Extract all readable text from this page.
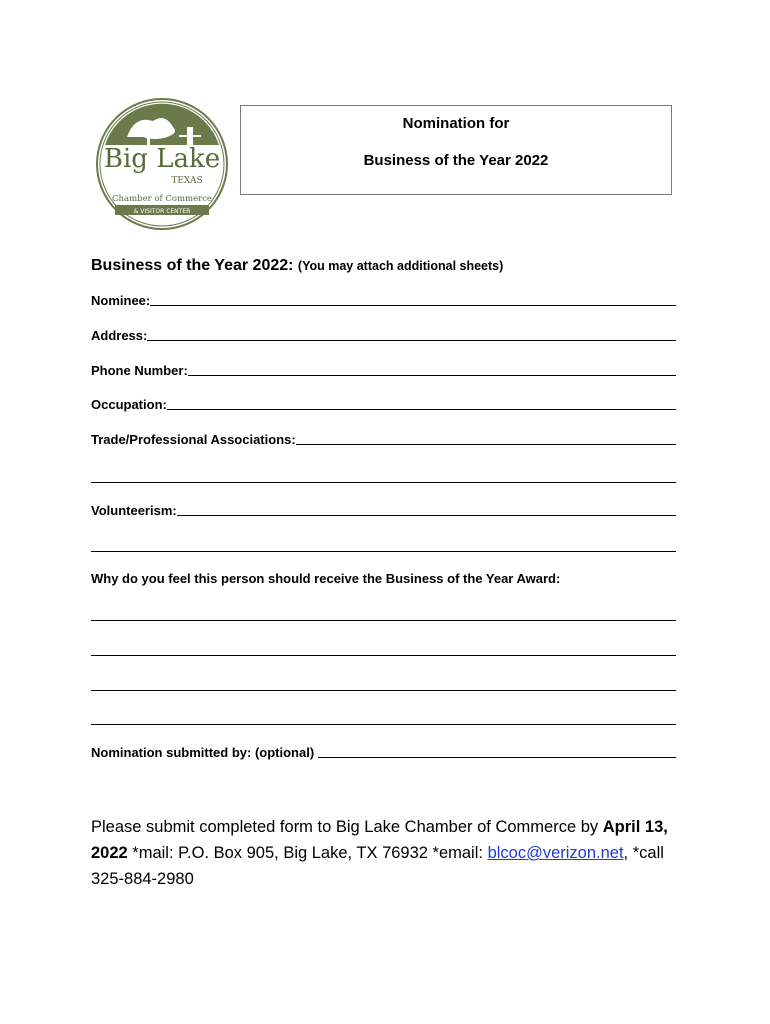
Big Lake
TEXAS
Chamber of Commerce
& VISITOR CENTER
Nomination for
Business of the Year 2022
Business of the Year 2022: (You may attach additional sheets)
Nominee:
Address:
Phone Number:
Occupation:
Trade/Professional Associations:
Volunteerism:
Why do you feel this person should receive the Business of the Year Award:
Nomination submitted by: (optional)
Please submit completed form to Big Lake Chamber of Commerce by April 13, 2022 *mail: P.O. Box 905, Big Lake, TX 76932 *email: blcoc@verizon.net, *call 325-884-2980
